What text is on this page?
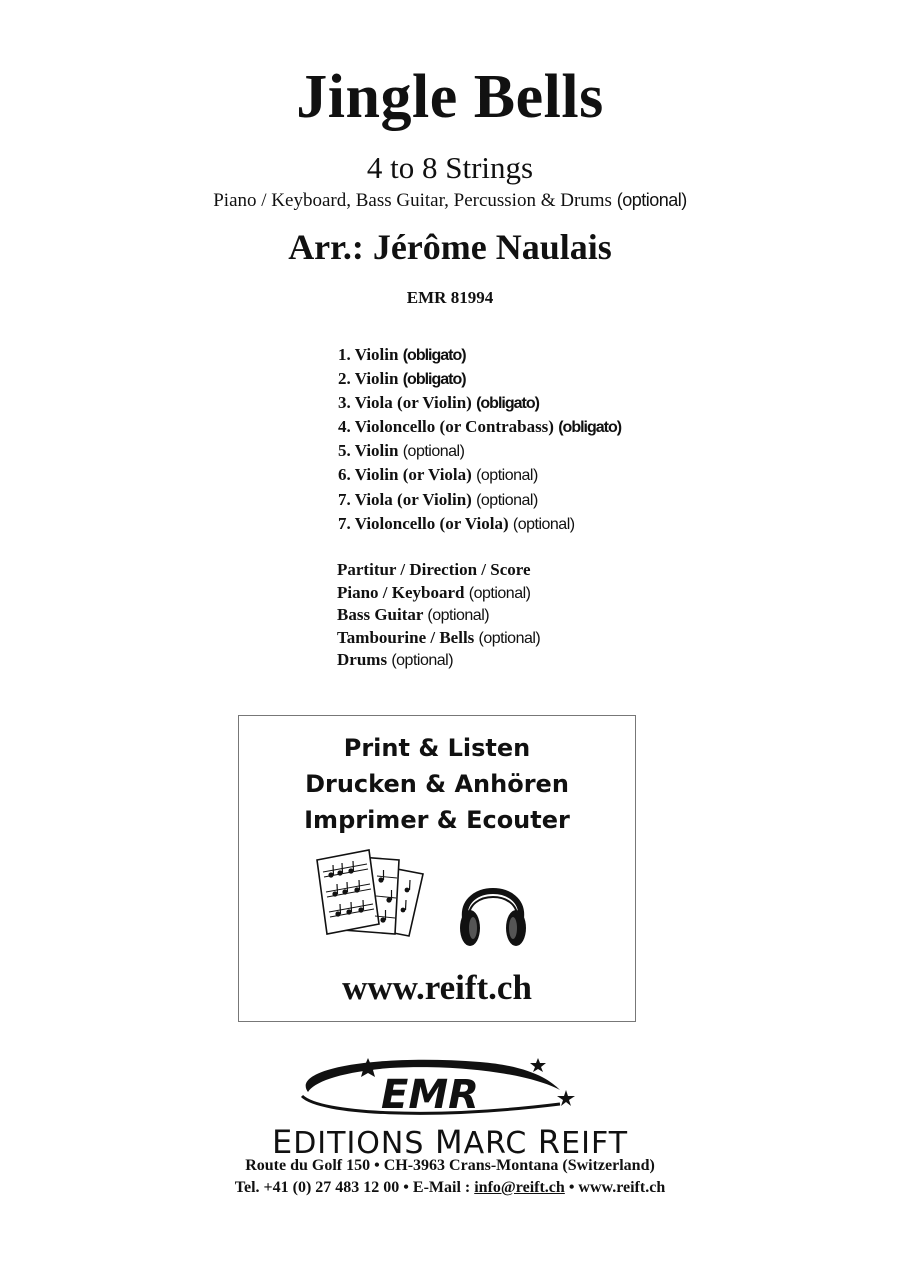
Jingle Bells
4 to 8 Strings
Piano / Keyboard, Bass Guitar, Percussion & Drums (optional)
Arr.: Jérôme Naulais
EMR 81994
1. Violin (obligato)
2. Violin (obligato)
3. Viola (or Violin) (obligato)
4. Violoncello (or Contrabass) (obligato)
5. Violin (optional)
6. Violin (or Viola) (optional)
7. Viola (or Violin) (optional)
7. Violoncello (or Viola) (optional)
Partitur / Direction / Score
Piano / Keyboard (optional)
Bass Guitar (optional)
Tambourine / Bells (optional)
Drums (optional)
Print & Listen
Drucken & Anhören
Imprimer & Ecouter
www.reift.ch
EMR
EDITIONS MARC REIFT
Route du Golf 150 • CH-3963 Crans-Montana (Switzerland)
Tel. +41 (0) 27 483 12 00 • E-Mail : info@reift.ch • www.reift.ch
